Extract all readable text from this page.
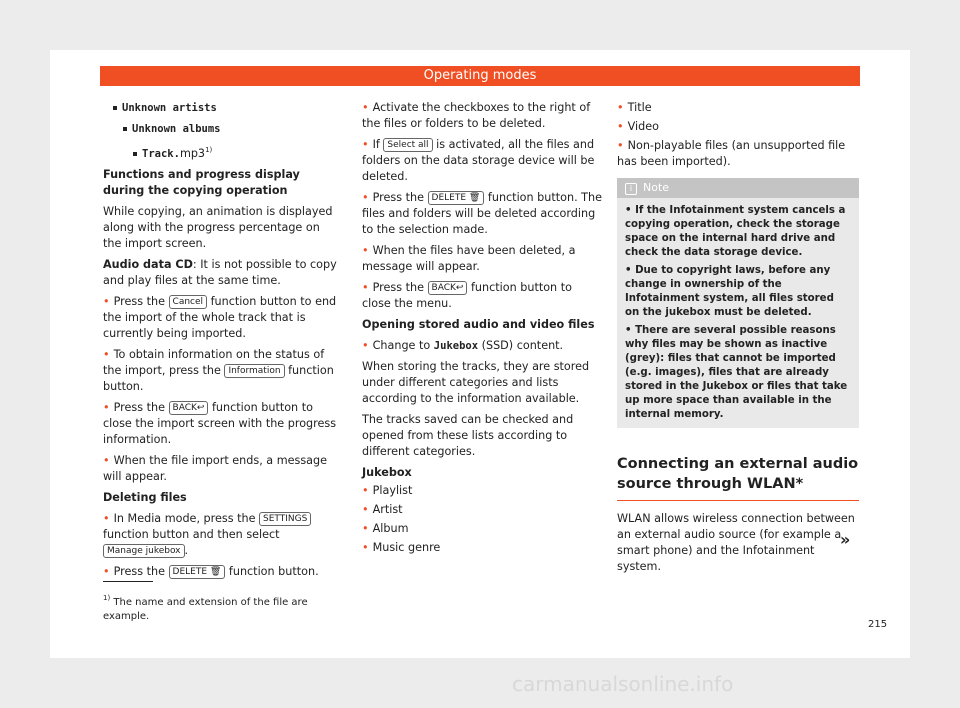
Operating modes

Unknown artists

Unknown albums

Track.mp3$^{1)}$

Functions and progress display during the copying operation

While copying, an animation is displayed along with the progress percentage on the import screen.

Audio data CD: It is not possible to copy and play files at the same time.

• Press the Cancel function button to end the import of the whole track that is currently being imported.

• To obtain information on the status of the import, press the Information function button.

• Press the BACK↩ function button to close the import screen with the progress information.

• When the file import ends, a message will appear.

Deleting files

• In Media mode, press the SETTINGS function button and then select Manage jukebox .

• Press the DELETE 🗑 function button.

• Activate the checkboxes to the right of the files or folders to be deleted.

• If Select all is activated, all the files and folders on the data storage device will be deleted.

• Press the DELETE 🗑 function button. The files and folders will be deleted according to the selection made.

• When the files have been deleted, a message will appear.

• Press the BACK↩ function button to close the menu.

Opening stored audio and video files

• Change to Jukebox (SSD) content.

When storing the tracks, they are stored under different categories and lists according to the information available.

The tracks saved can be checked and opened from these lists according to different categories.

Jukebox

• Playlist

• Artist

• Album

• Music genre

• Title

• Video

• Non-playable files (an unsupported file has been imported).

i Note

• If the Infotainment system cancels a copying operation, check the storage space on the internal hard drive and check the data storage device.

• Due to copyright laws, before any change in ownership of the Infotainment system, all files stored on the jukebox must be deleted.

• There are several possible reasons why files may be shown as inactive (grey): files that cannot be imported (e.g. images), files that are already stored in the Jukebox or files that take up more space than available in the internal memory.

Connecting an external audio source through WLAN*

WLAN allows wireless connection between an external audio source (for example a smart phone) and the Infotainment system.

»
$^{1)}$ The name and extension of the file are example.
215
carmanualsonline.info
